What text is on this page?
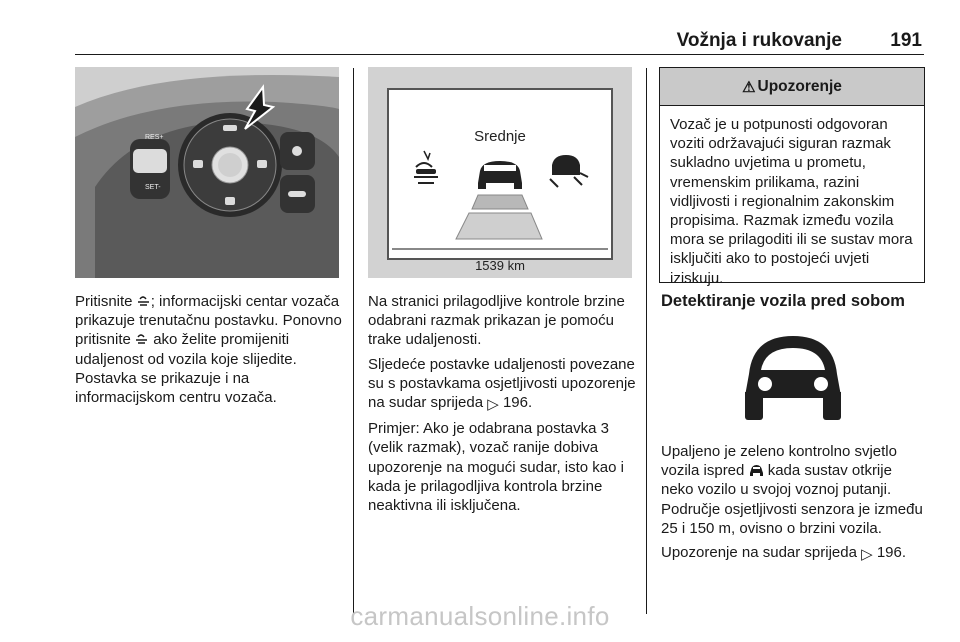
Vožnja i rukovanje	191
RES+
SET-
Srednje
1539 km

Pritisnite ; informacijski centar vozača prikazuje trenutačnu postavku. Ponovno pritisnite  ako želite promijeniti udaljenost od vozila koje slijedite. Postavka se prikazuje i na informacijskom centru vozača.

Na stranici prilagodljive kontrole brzine odabrani razmak prikazan je pomoću trake udaljenosti.

Sljedeće postavke udaljenosti povezane su s postavkama osjetljivosti upozorenje na sudar sprijeda ▷ 196.

Primjer: Ako je odabrana postavka 3 (velik razmak), vozač ranije dobiva upozorenje na mogući sudar, isto kao i kada je prilagodljiva kontrola brzine neaktivna ili isključena.

⚠ Upozorenje
Vozač je u potpunosti odgovoran voziti održavajući siguran razmak sukladno uvjetima u prometu, vremenskim prilikama, razini vidljivosti i regionalnim zakonskim propisima. Razmak između vozila mora se prilagoditi ili se sustav mora isključiti ako to postojeći uvjeti iziskuju.
Detektiranje vozila pred sobom

Upaljeno je zeleno kontrolno svjetlo vozila ispred  kada sustav otkrije neko vozilo u svojoj voznoj putanji. Područje osjetljivosti senzora je između 25 i 150 m, ovisno o brzini vozila.

Upozorenje na sudar sprijeda ▷ 196.

carmanualsonline.info
